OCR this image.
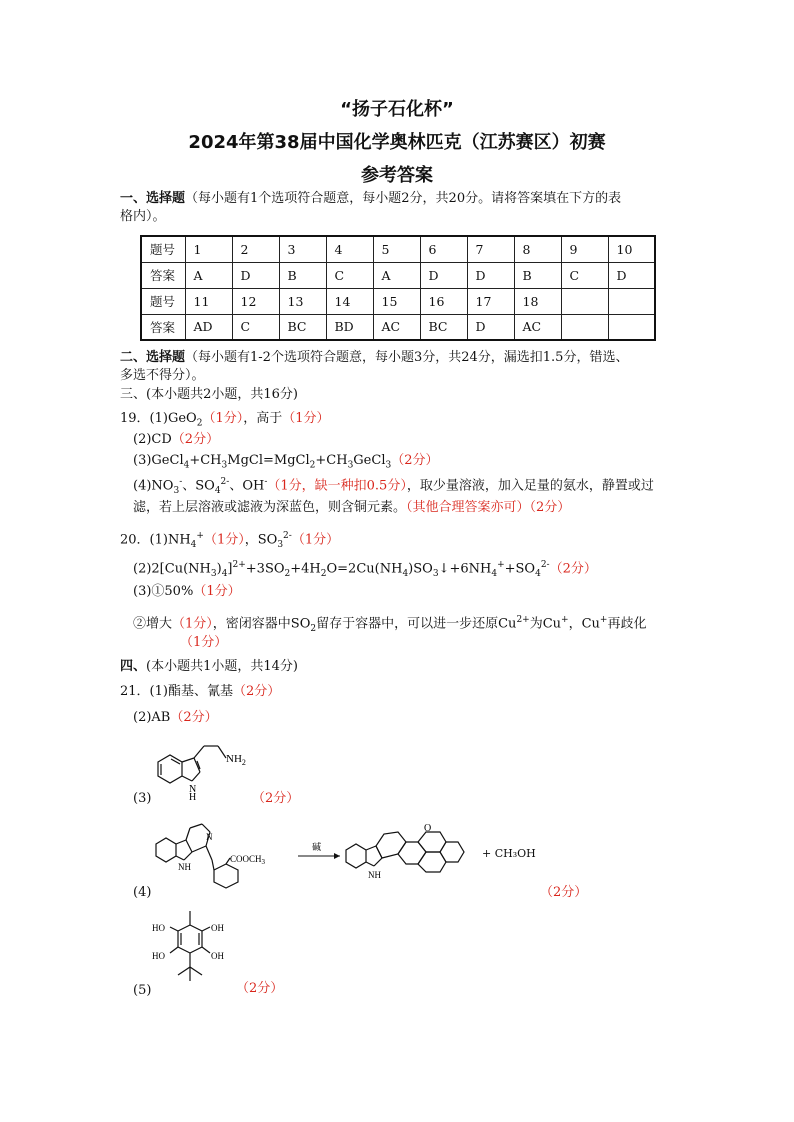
“扬子石化杯”
2024年第38届中国化学奥林匹克（江苏赛区）初赛
参考答案
一、选择题（每小题有1个选项符合题意，每小题2分，共20分。请将答案填在下方的表
格内）。
题号	1	2	3	4	5	6	7	8	9	10
答案	A	D	B	C	A	D	D	B	C	D
题号	11	12	13	14	15	16	17	18		
答案	AD	C	BC	BD	AC	BC	D	AC		
二、选择题（每小题有1-2个选项符合题意，每小题3分，共24分，漏选扣1.5分，错选、
多选不得分）。
三、(本小题共2小题，共16分)
19．(1)GeO$_2$（1分），高于（1分）
(2)CD（2分）
$(3)GeCl_4+CH_3MgCl=MgCl_2+CH_3GeCl_3(2$分）
$(4)NO_3^-$、$SO_4^{2-}$、OH-（1分，缺一种扣0.5分），取少量溶液，加入足量的氨水，静置或过
滤，若上层溶液或滤液为深蓝色，则含铜元素。（其他合理答案亦可）（2分）
20．$(1)NH_4^+(1$分），$SO_3^{2-}(1$分）
$(2)2[Cu(NH_3)_4]^{2+}+3SO_2+4H_2O=2Cu(NH_4)SO_3↓+6NH_4^++SO_4^{2-}(2$分）
(3)①50%（1分）
②增大（1分），密闭容器中$SO_2$留存于容器中，可以进一步还原$Cu^{2+}$为Cu+，Cu+再歧化
（1分）
四、(本小题共1小题，共14分)
21．(1)酯基、氰基（2分）
(2)AB（2分）
(3)	（2分）
$NH_2$
N
H
(4)	（2分）
N
NH
$COOCH_3$
碱
O
NH
+ CH₃OH
(5)	（2分）
HO	OH
HO	OH
